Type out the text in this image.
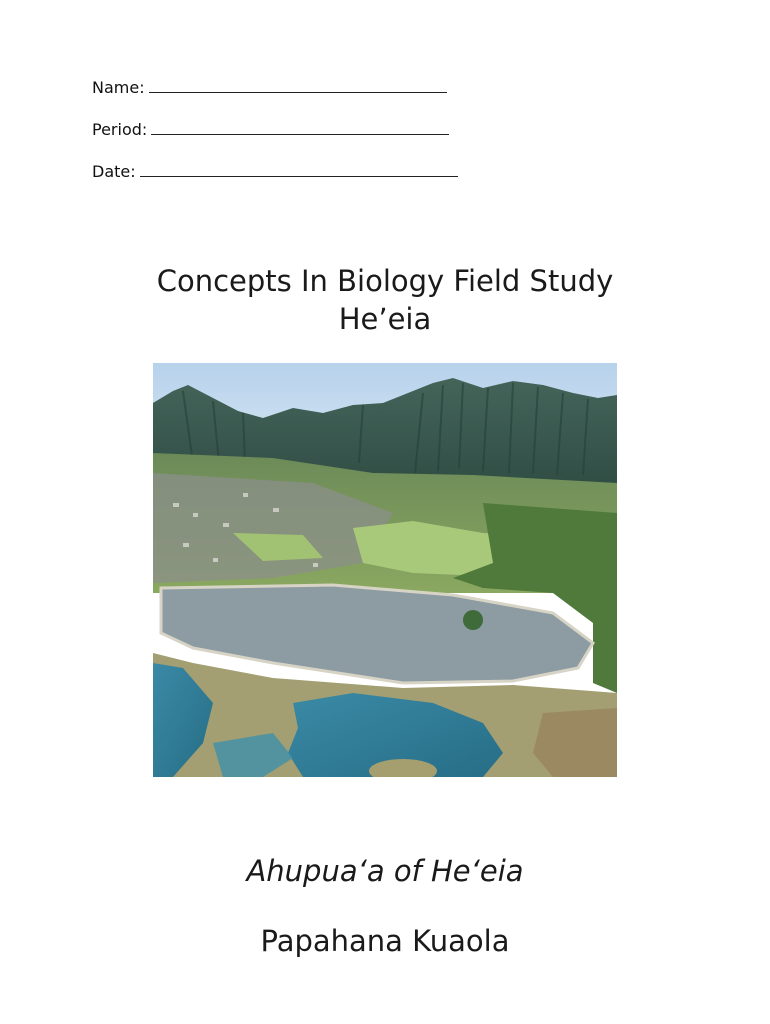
Name:
Period:
Date:
Concepts In Biology Field Study
He’eia
Ahupua‘a of He‘eia
Papahana Kuaola
